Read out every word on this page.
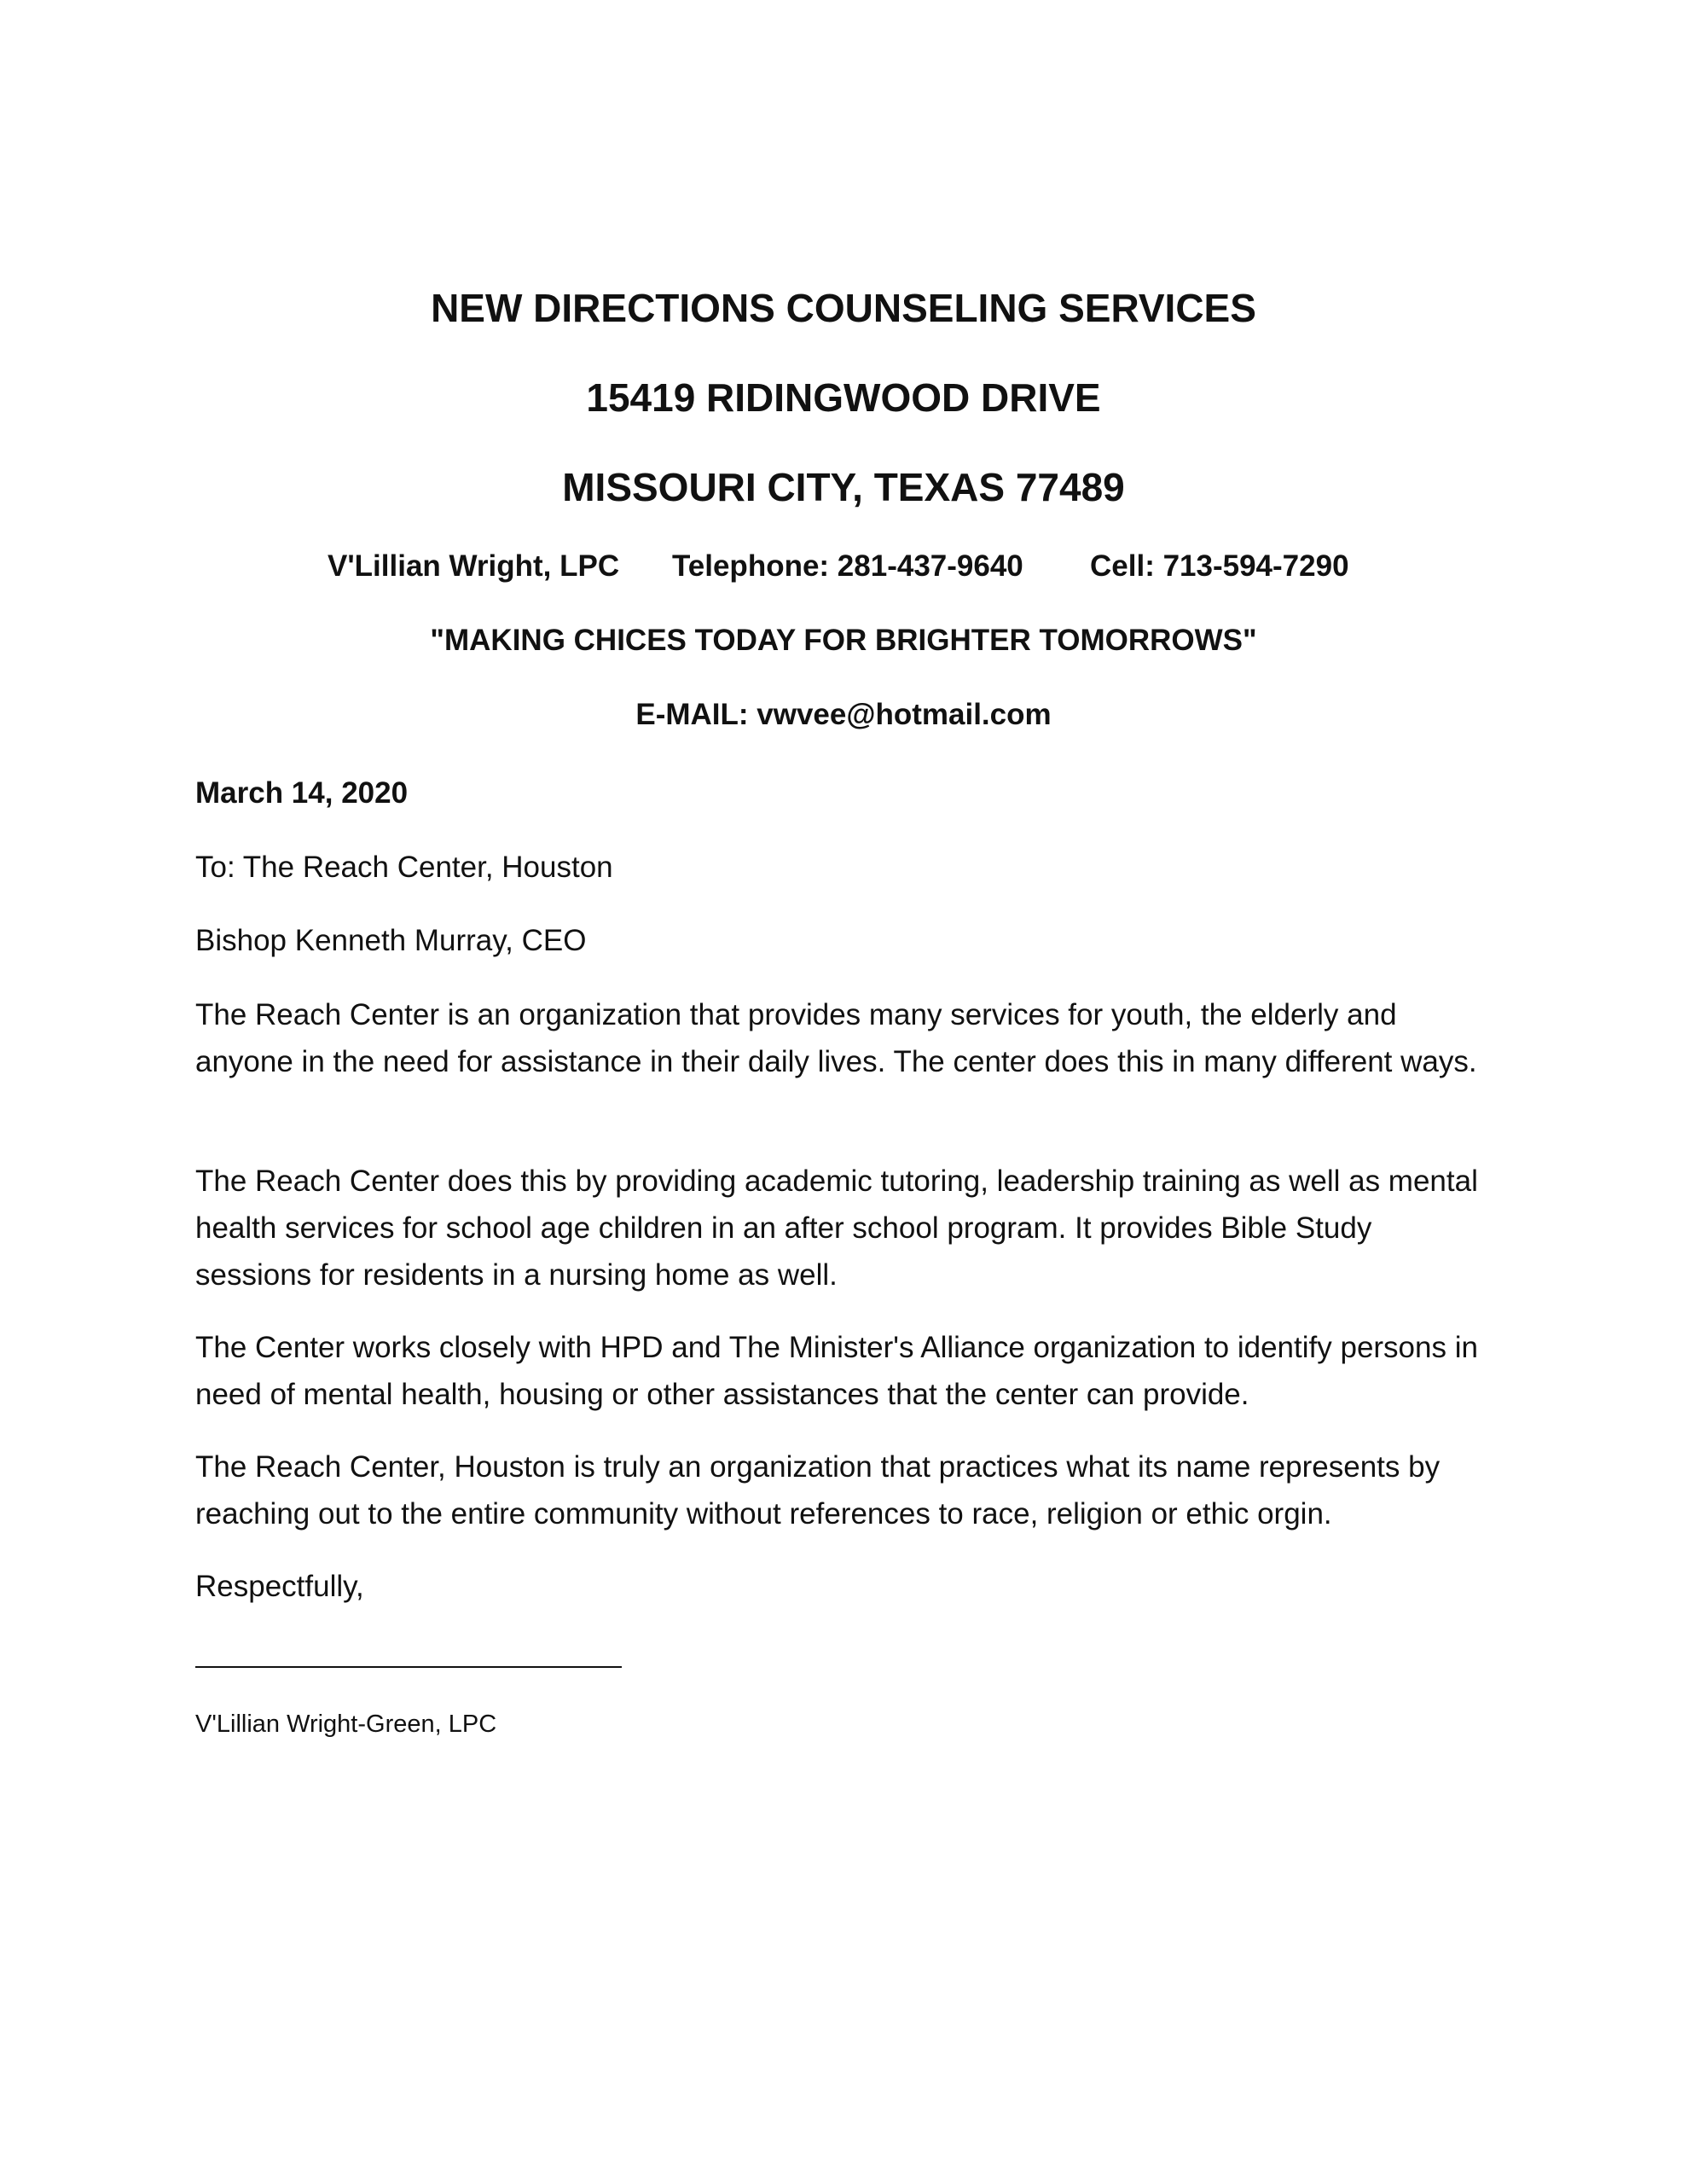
NEW DIRECTIONS COUNSELING SERVICES
15419 RIDINGWOOD DRIVE
MISSOURI CITY, TEXAS 77489
V'Lillian Wright, LPC Telephone: 281-437-9640 Cell: 713-594-7290
"MAKING CHICES TODAY FOR BRIGHTER TOMORROWS"
E-MAIL: vwvee@hotmail.com

March 14, 2020

To: The Reach Center, Houston

Bishop Kenneth Murray, CEO

The Reach Center is an organization that provides many services for youth, the elderly and anyone in the need for assistance in their daily lives. The center does this in many different ways.

The Reach Center does this by providing academic tutoring, leadership training as well as mental health services for school age children in an after school program. It provides Bible Study sessions for residents in a nursing home as well.

The Center works closely with HPD and The Minister's Alliance organization to identify persons in need of mental health, housing or other assistances that the center can provide.

The Reach Center, Houston is truly an organization that practices what its name represents by reaching out to the entire community without references to race, religion or ethic orgin.

Respectfully,

V'Lillian Wright-Green, LPC
